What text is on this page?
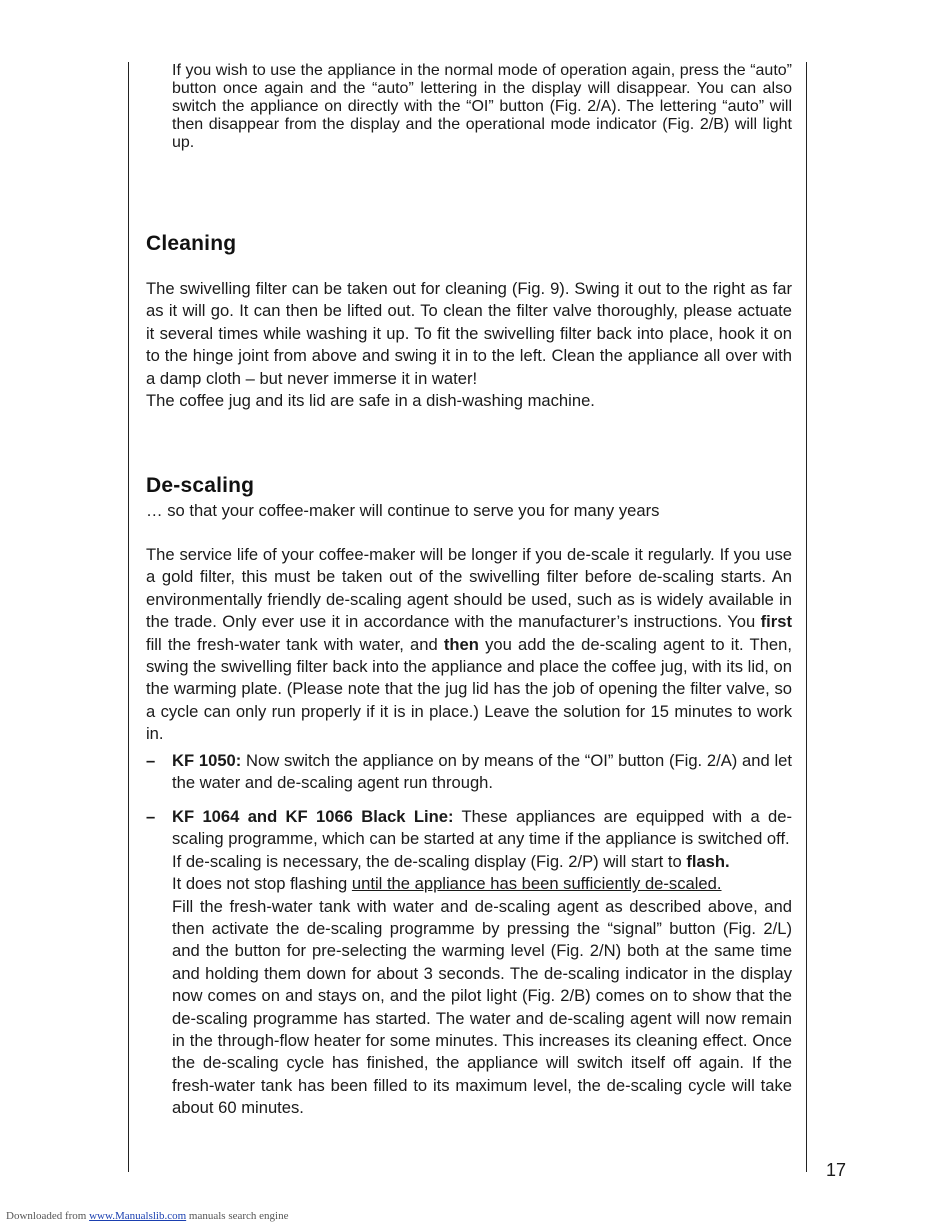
If you wish to use the appliance in the normal mode of operation again, press the “auto” button once again and the “auto” lettering in the display will disappear. You can also switch the appliance on directly with the “OI” button (Fig. 2/A). The lettering “auto” will then disappear from the display and the operational mode indicator (Fig. 2/B) will light up.

Cleaning

The swivelling filter can be taken out for cleaning (Fig. 9). Swing it out to the right as far as it will go. It can then be lifted out. To clean the filter valve thoroughly, please actuate it several times while washing it up. To fit the swivelling filter back into place, hook it on to the hinge joint from above and swing it in to the left. Clean the appliance all over with a damp cloth – but never immerse it in water!

The coffee jug and its lid are safe in a dish-washing machine.

De-scaling

… so that your coffee-maker will continue to serve you for many years

The service life of your coffee-maker will be longer if you de-scale it regularly. If you use a gold filter, this must be taken out of the swivelling filter before de-scaling starts. An environmentally friendly de-scaling agent should be used, such as is widely available in the trade. Only ever use it in accordance with the manufacturer’s instructions. You first fill the fresh-water tank with water, and then you add the de-scaling agent to it. Then, swing the swivelling filter back into the appliance and place the coffee jug, with its lid, on the warming plate. (Please note that the jug lid has the job of opening the filter valve, so a cycle can only run properly if it is in place.) Leave the solution for 15 minutes to work in.

– KF 1050: Now switch the appliance on by means of the “OI” button (Fig. 2/A) and let the water and de-scaling agent run through.
– KF 1064 and KF 1066 Black Line: These appliances are equipped with a de-scaling programme, which can be started at any time if the appliance is switched off.
If de-scaling is necessary, the de-scaling display (Fig. 2/P) will start to flash.
It does not stop flashing until the appliance has been sufficiently de-scaled.
Fill the fresh-water tank with water and de-scaling agent as described above, and then activate the de-scaling programme by pressing the “signal” button (Fig. 2/L) and the button for pre-selecting the warming level (Fig. 2/N) both at the same time and holding them down for about 3 seconds. The de-scaling indicator in the display now comes on and stays on, and the pilot light (Fig. 2/B) comes on to show that the de-scaling programme has started. The water and de-scaling agent will now remain in the through-flow heater for some minutes. This increases its cleaning effect. Once the de-scaling cycle has finished, the appliance will switch itself off again. If the fresh-water tank has been filled to its maximum level, the de-scaling cycle will take about 60 minutes.
17
Downloaded from www.Manualslib.com manuals search engine
